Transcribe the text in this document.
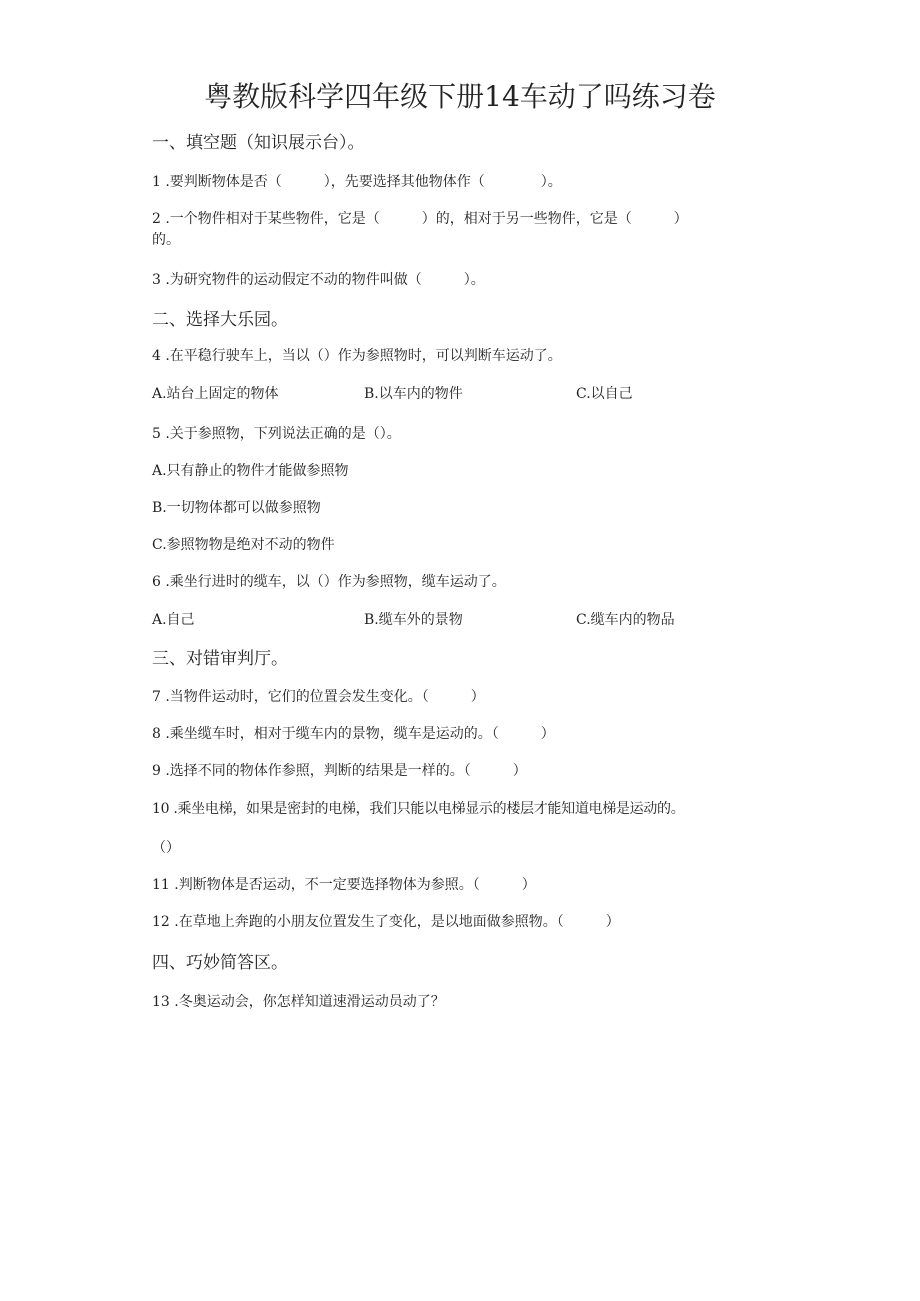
粤教版科学四年级下册14车动了吗练习卷
一、填空题（知识展示台）。
1 .要判断物体是否（　　　），先要选择其他物体作（　　　　）。
2 .一个物件相对于某些物件，它是（　　　）的，相对于另一些物件，它是（　　　）
的。
3 .为研究物件的运动假定不动的物件叫做（　　　）。
二、选择大乐园。
4 .在平稳行驶车上，当以（）作为参照物时，可以判断车运动了。
A.站台上固定的物体	B.以车内的物件	C.以自己
5 .关于参照物，下列说法正确的是（）。
A.只有静止的物件才能做参照物
B.一切物体都可以做参照物
C.参照物物是绝对不动的物件
6 .乘坐行进时的缆车，以（）作为参照物，缆车运动了。
A.自己	B.缆车外的景物	C.缆车内的物品
三、对错审判厅。
7 .当物件运动时，它们的位置会发生变化。（　　　）
8 .乘坐缆车时，相对于缆车内的景物，缆车是运动的。（　　　）
9 .选择不同的物体作参照，判断的结果是一样的。（　　　）
10 .乘坐电梯，如果是密封的电梯，我们只能以电梯显示的楼层才能知道电梯是运动的。
（）
11 .判断物体是否运动，不一定要选择物体为参照。（　　　）
12 .在草地上奔跑的小朋友位置发生了变化，是以地面做参照物。（　　　）
四、巧妙简答区。
13 .冬奥运动会，你怎样知道速滑运动员动了？
